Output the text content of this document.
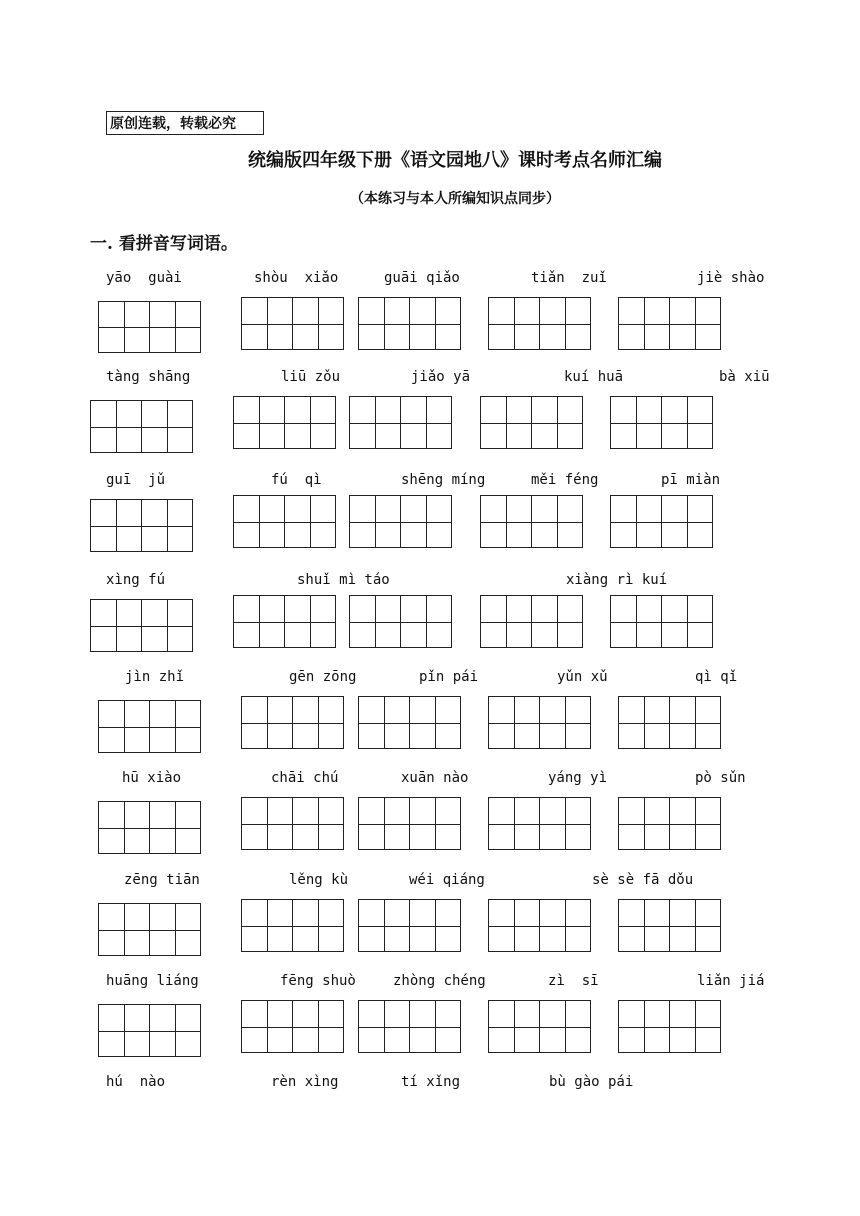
原创连载，转载必究
统编版四年级下册《语文园地八》课时考点名师汇编
（本练习与本人所编知识点同步）
一. 看拼音写词语。
yāo  guài	shòu  xiǎo	guāi qiǎo	tiǎn  zuǐ	jiè shào
tàng shāng	liū zǒu	jiǎo yā	kuí huā	bà xiū
guī  jǔ	fú  qì	shēng míng	měi féng	pī miàn
xìng fú	shuǐ mì táo	xiàng rì kuí
jìn zhǐ	gēn zōng	pǐn pái	yǔn xǔ	qì qǐ
hū xiào	chāi chú	xuān nào	yáng yì	pò sǔn
zēng tiān	lěng kù	wéi qiáng	sè sè fā dǒu
huāng liáng	fēng shuò	zhòng chéng	zì  sī	liǎn jiá
hú  nào	rèn xìng	tí xǐng	bù gào pái
